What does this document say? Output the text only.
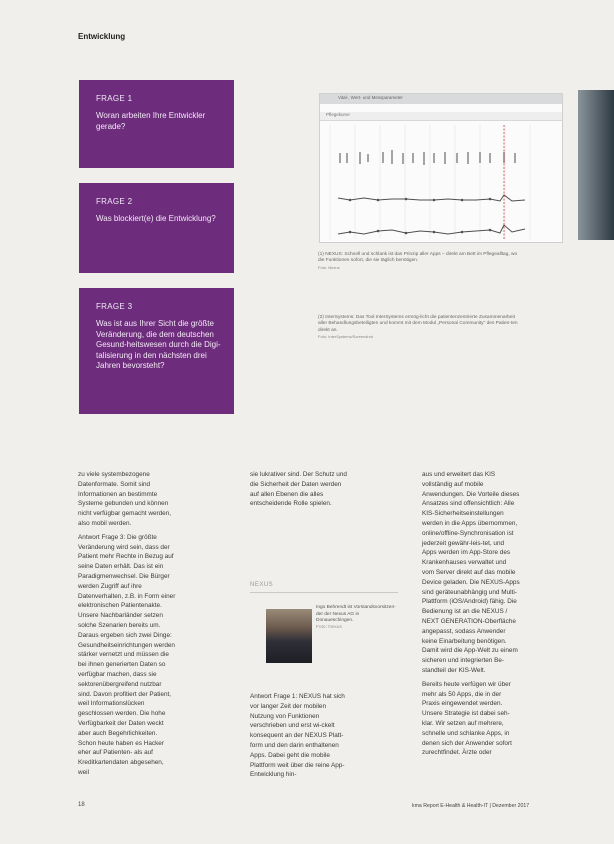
Entwicklung
FRAGE 1
Woran arbeiten Ihre Entwickler gerade?
FRAGE 2
Was blockiert(e) die Entwicklung?
FRAGE 3
Was ist aus Ihrer Sicht die größte Veränderung, die dem deutschen Gesund-heitswesen durch die Digi-talisierung in den nächsten drei Jahren bevorsteht?
Vital-, Wert- und Messparameter
Pflegekurve
(1) NEXUS: Schnell und schlank ist das Prinzip aller Apps – direkt am Bett im Pflegealltag, wo die Funktionen sofort, die sie täglich benötigen.
Foto: Nexus
(2) InterSystems: Das Tool InterSystems ermög-licht die patientenzentrierte Zusammenarbeit aller Behandlungsbeteiligten und kommt mit dem Modul „Personal Community" des Patien-ten direkt an.
Foto: InterSystems/Screenshot

zu viele systembezogene Datenformate. Somit sind Informationen an bestimmte Systeme gebunden und können nicht verfügbar gemacht werden, also mobil werden.

Antwort Frage 3: Die größte Veränderung wird sein, dass der Patient mehr Rechte in Bezug auf seine Daten erhält. Das ist ein Paradigmenwechsel. Die Bürger werden Zugriff auf ihre Datenverhalten, z.B. in Form einer elektronischen Patientenakte. Unsere Nachbarländer setzen solche Szenarien bereits um. Daraus ergeben sich zwei Dinge: Gesundheitseinrichtungen werden stärker vernetzt und müssen die bei ihnen generierten Daten so verfügbar machen, dass sie sektorenübergreifend nutzbar sind. Davon profitiert der Patient, weil Informationslücken geschlossen werden. Die hohe Verfügbarkeit der Daten weckt aber auch Begehrlichkeiten. Schon heute haben es Hacker eher auf Patienten- als auf Kreditkartendaten abgesehen, weil

sie lukrativer sind. Der Schutz und die Sicherheit der Daten werden auf allen Ebenen die alles entscheidende Rolle spielen.

NEXUS
Ingo Behrendt ist Vorstandsvorsitzen-der der Nexus AG in Donaueschingen.
Foto: Nexus

Antwort Frage 1: NEXUS hat sich vor langer Zeit der mobilen Nutzung von Funktionen verschrieben und erst wi-ckelt konsequent an der NEXUS Platt-form und den darin enthaltenen Apps. Dabei geht die mobile Plattform weit über die reine App-Entwicklung hin-

aus und erweitert das KIS vollständig auf mobile Anwendungen. Die Vorteile dieses Ansatzes sind offensichtlich: Alle KIS-Sicherheitseinstellungen werden in die Apps übernommen, online/offline-Synchronisation ist jederzeit gewähr-leis-tet, und Apps werden im App-Store des Krankenhauses verwaltet und vom Server direkt auf das mobile Device geladen. Die NEXUS-Apps sind geräteunabhängig und Multi-Plattform (iOS/Android) fähig. Die Bedienung ist an die NEXUS / NEXT GENERATION-Oberfläche angepasst, sodass Anwender keine Einarbeitung benötigen. Damit wird die App-Welt zu einem sicheren und integrierten Be-standteil der KIS-Welt.

Bereits heute verfügen wir über mehr als 50 Apps, die in der Praxis eingewendet werden. Unsere Strategie ist dabei seh-klar. Wir setzen auf mehrere, schnelle und schlanke Apps, in denen sich der Anwender sofort zurechtfindet. Ärzte oder

18	kma Report E-Health & Health-IT | Dezember 2017
